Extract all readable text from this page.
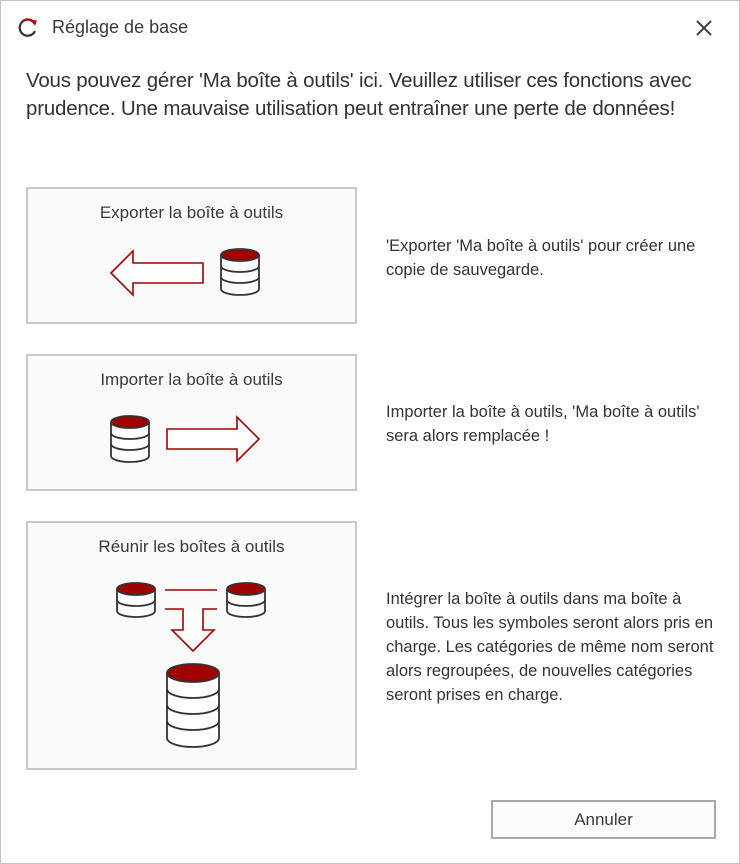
Réglage de base
Vous pouvez gérer 'Ma boîte à outils' ici. Veuillez utiliser ces fonctions avec prudence. Une mauvaise utilisation peut entraîner une perte de données!
Exporter la boîte à outils
'Exporter 'Ma boîte à outils' pour créer une copie de sauvegarde.
Importer la boîte à outils
Importer la boîte à outils, 'Ma boîte à outils' sera alors remplacée !
Réunir les boîtes à outils
Intégrer la boîte à outils dans ma boîte à outils. Tous les symboles seront alors pris en charge. Les catégories de même nom seront alors regroupées, de nouvelles catégories seront prises en charge.
Annuler
